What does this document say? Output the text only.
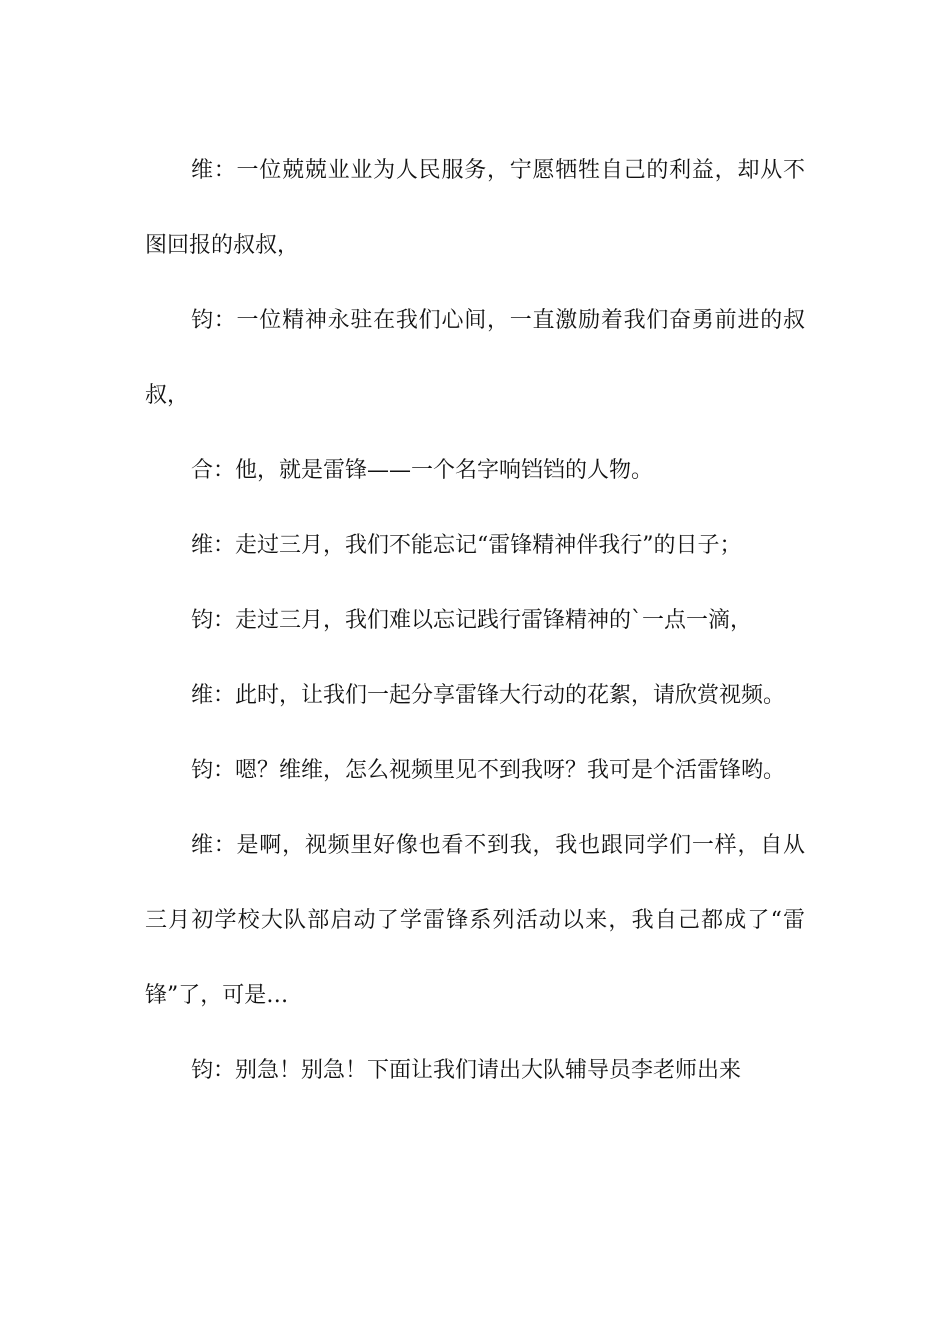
维：一位兢兢业业为人民服务，宁愿牺牲自己的利益，却从不图回报的叔叔，

钧：一位精神永驻在我们心间，一直激励着我们奋勇前进的叔叔，

合：他，就是雷锋——一个名字响铛铛的人物。

维：走过三月，我们不能忘记“雷锋精神伴我行”的日子；

钧：走过三月，我们难以忘记践行雷锋精神的`一点一滴，

维：此时，让我们一起分享雷锋大行动的花絮，请欣赏视频。

钧：嗯？维维，怎么视频里见不到我呀？我可是个活雷锋哟。

维：是啊，视频里好像也看不到我，我也跟同学们一样，自从三月初学校大队部启动了学雷锋系列活动以来，我自己都成了“雷锋”了，可是…

钧：别急！别急！下面让我们请出大队辅导员李老师出来
